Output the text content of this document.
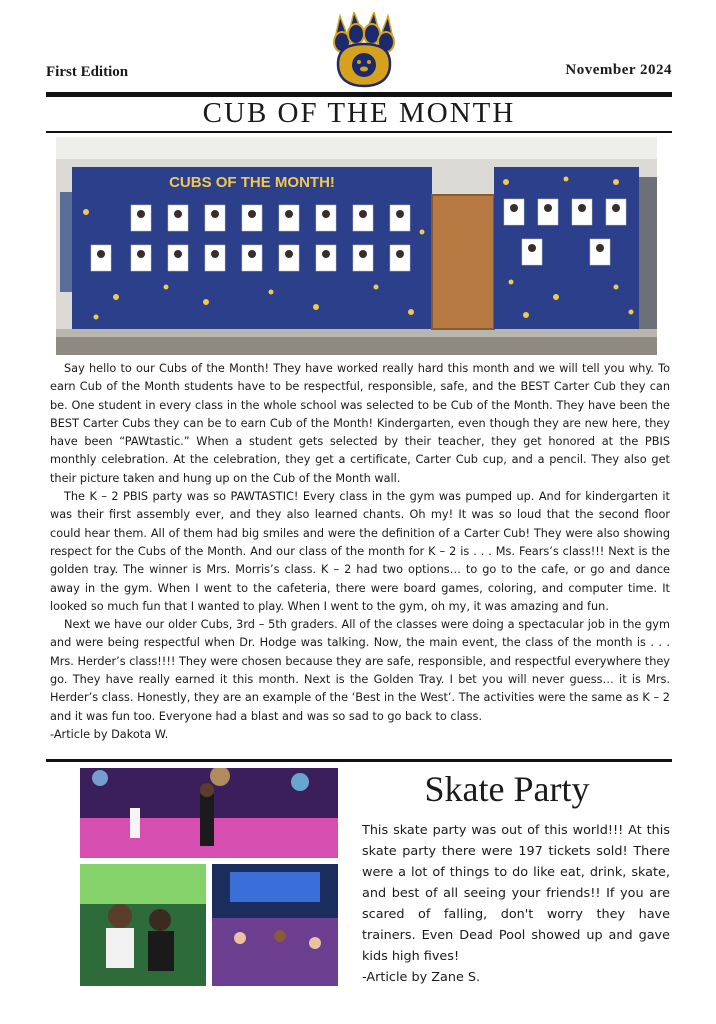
First Edition	November 2024
CUB OF THE MONTH
CUBS OF THE MONTH!

Say hello to our Cubs of the Month! They have worked really hard this month and we will tell you why. To earn Cub of the Month students have to be respectful, responsible, safe, and the BEST Carter Cub they can be. One student in every class in the whole school was selected to be Cub of the Month. They have been the BEST Carter Cubs they can be to earn Cub of the Month! Kindergarten, even though they are new here, they have been “PAWtastic.” When a student gets selected by their teacher, they get honored at the PBIS monthly celebration. At the celebration, they get a certificate, Carter Cub cup, and a pencil. They also get their picture taken and hung up on the Cub of the Month wall.

The K – 2 PBIS party was so PAWTASTIC! Every class in the gym was pumped up. And for kindergarten it was their first assembly ever, and they also learned chants. Oh my! It was so loud that the second floor could hear them. All of them had big smiles and were the definition of a Carter Cub! They were also showing respect for the Cubs of the Month. And our class of the month for K – 2 is . . . Ms. Fears’s class!!! Next is the golden tray. The winner is Mrs. Morris’s class. K – 2 had two options… to go to the cafe, or go and dance away in the gym. When I went to the cafeteria, there were board games, coloring, and computer time. It looked so much fun that I wanted to play. When I went to the gym, oh my, it was amazing and fun.

Next we have our older Cubs, 3rd – 5th graders. All of the classes were doing a spectacular job in the gym and were being respectful when Dr. Hodge was talking. Now, the main event, the class of the month is . . . Mrs. Herder’s class!!!! They were chosen because they are safe, responsible, and respectful everywhere they go. They have really earned it this month. Next is the Golden Tray. I bet you will never guess… it is Mrs. Herder’s class. Honestly, they are an example of the ‘Best in the West’. The activities were the same as K – 2 and it was fun too. Everyone had a blast and was so sad to go back to class.

-Article by Dakota W.

Skate Party

This skate party was out of this world!!! At this skate party there were 197 tickets sold! There were a lot of things to do like eat, drink, skate, and best of all seeing your friends!! If you are scared of falling, don't worry they have trainers. Even Dead Pool showed up and gave kids high fives!

-Article by Zane S.
